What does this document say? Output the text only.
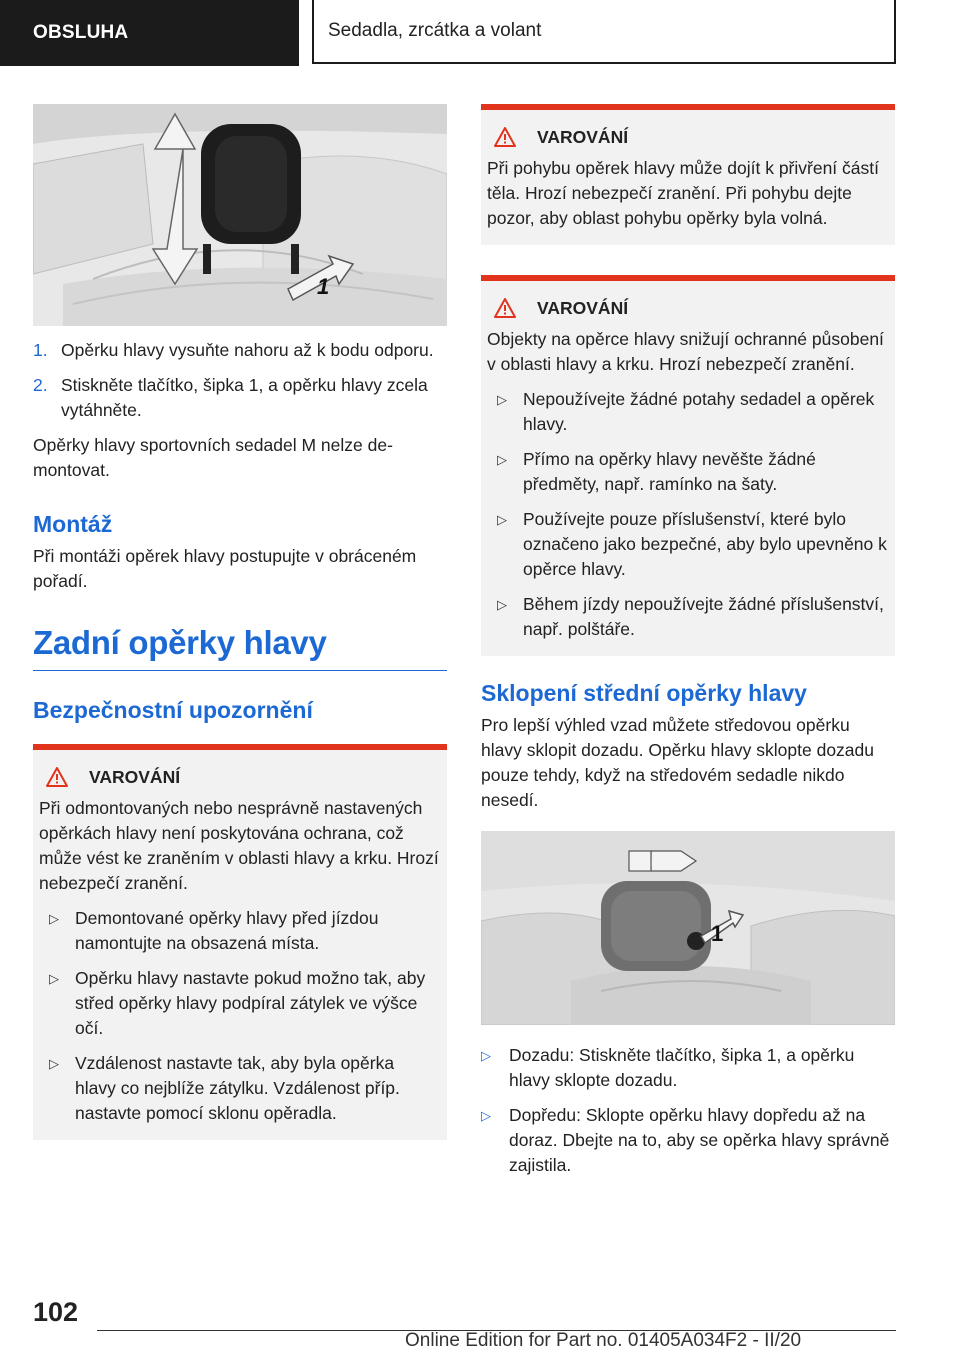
OBSLUHA	Sedadla, zrcátka a volant
1
1. Opěrku hlavy vysuňte nahoru až k bodu odporu.
2. Stiskněte tlačítko, šipka 1, a opěrku hlavy zcela vytáhněte.

Opěrky hlavy sportovních sedadel M nelze demontovat.

Montáž

Při montáži opěrek hlavy postupujte v obráceném pořadí.

Zadní opěrky hlavy
Bezpečnostní upozornění
VAROVÁNÍ

Při odmontovaných nebo nesprávně nastavených opěrkách hlavy není poskytována ochrana, což může vést ke zraněním v oblasti hlavy a krku. Hrozí nebezpečí zranění.

▷ Demontované opěrky hlavy před jízdou namontujte na obsazená místa.
▷ Opěrku hlavy nastavte pokud možno tak, aby střed opěrky hlavy podpíral zátylek ve výšce očí.
▷ Vzdálenost nastavte tak, aby byla opěrka hlavy co nejblíže zátylku. Vzdálenost příp. nastavte pomocí sklonu opěradla.
VAROVÁNÍ

Při pohybu opěrek hlavy může dojít k přivření částí těla. Hrozí nebezpečí zranění. Při pohybu dejte pozor, aby oblast pohybu opěrky byla volná.

VAROVÁNÍ

Objekty na opěrce hlavy snižují ochranné působení v oblasti hlavy a krku. Hrozí nebezpečí zranění.

▷ Nepoužívejte žádné potahy sedadel a opěrek hlavy.
▷ Přímo na opěrky hlavy nevěšte žádné předměty, např. ramínko na šaty.
▷ Používejte pouze příslušenství, které bylo označeno jako bezpečné, aby bylo upevněno k opěrce hlavy.
▷ Během jízdy nepoužívejte žádné příslušenství, např. polštáře.
Sklopení střední opěrky hlavy

Pro lepší výhled vzad můžete středovou opěrku hlavy sklopit dozadu. Opěrku hlavy sklopte dozadu pouze tehdy, když na středovém sedadle nikdo nesedí.

1
▷ Dozadu: Stiskněte tlačítko, šipka 1, a opěrku hlavy sklopte dozadu.
▷ Dopředu: Sklopte opěrku hlavy dopředu až na doraz. Dbejte na to, aby se opěrka hlavy správně zajistila.
102
Online Edition for Part no. 01405A034F2 - II/20
